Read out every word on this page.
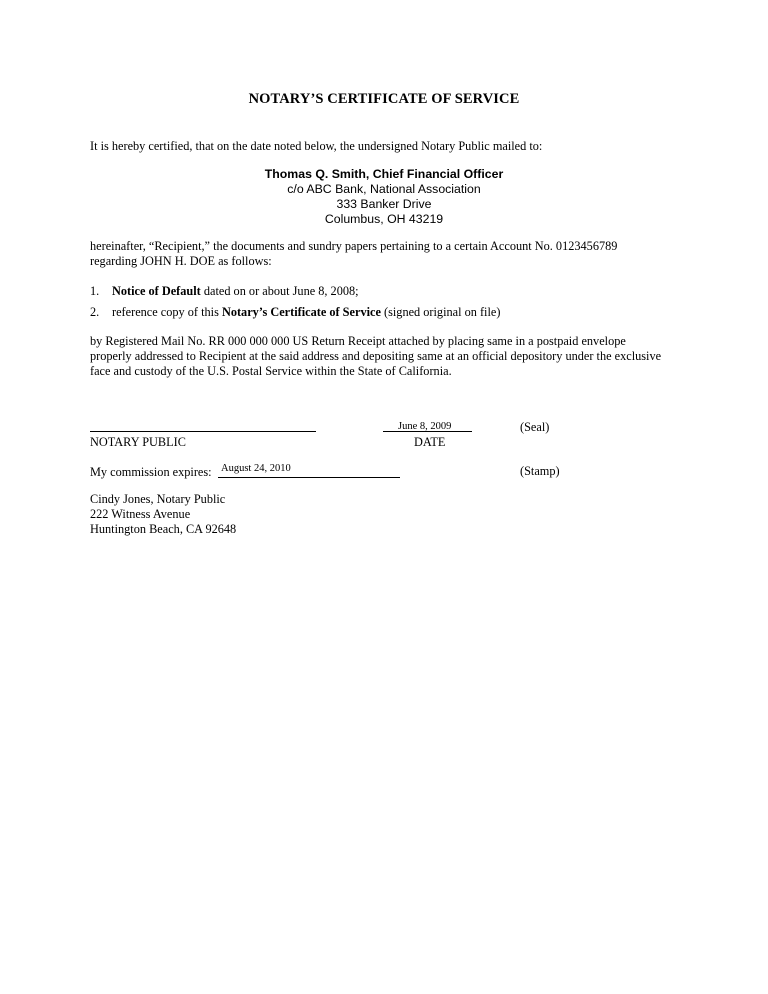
NOTARY’S CERTIFICATE OF SERVICE
It is hereby certified, that on the date noted below, the undersigned Notary Public mailed to:
Thomas Q. Smith, Chief Financial Officer
c/o ABC Bank, National Association
333 Banker Drive
Columbus, OH 43219
hereinafter, “Recipient,” the documents and sundry papers pertaining to a certain Account No. 0123456789
regarding JOHN H. DOE as follows:
1. Notice of Default dated on or about June 8, 2008;
2. reference copy of this Notary’s Certificate of Service (signed original on file)
by Registered Mail No. RR 000 000 000 US Return Receipt attached by placing same in a postpaid envelope
properly addressed to Recipient at the said address and depositing same at an official depository under the exclusive
face and custody of the U.S. Postal Service within the State of California.
NOTARY PUBLIC
June 8, 2009
DATE
(Seal)
My commission expires: August 24, 2010	(Stamp)
Cindy Jones, Notary Public
222 Witness Avenue
Huntington Beach, CA 92648
